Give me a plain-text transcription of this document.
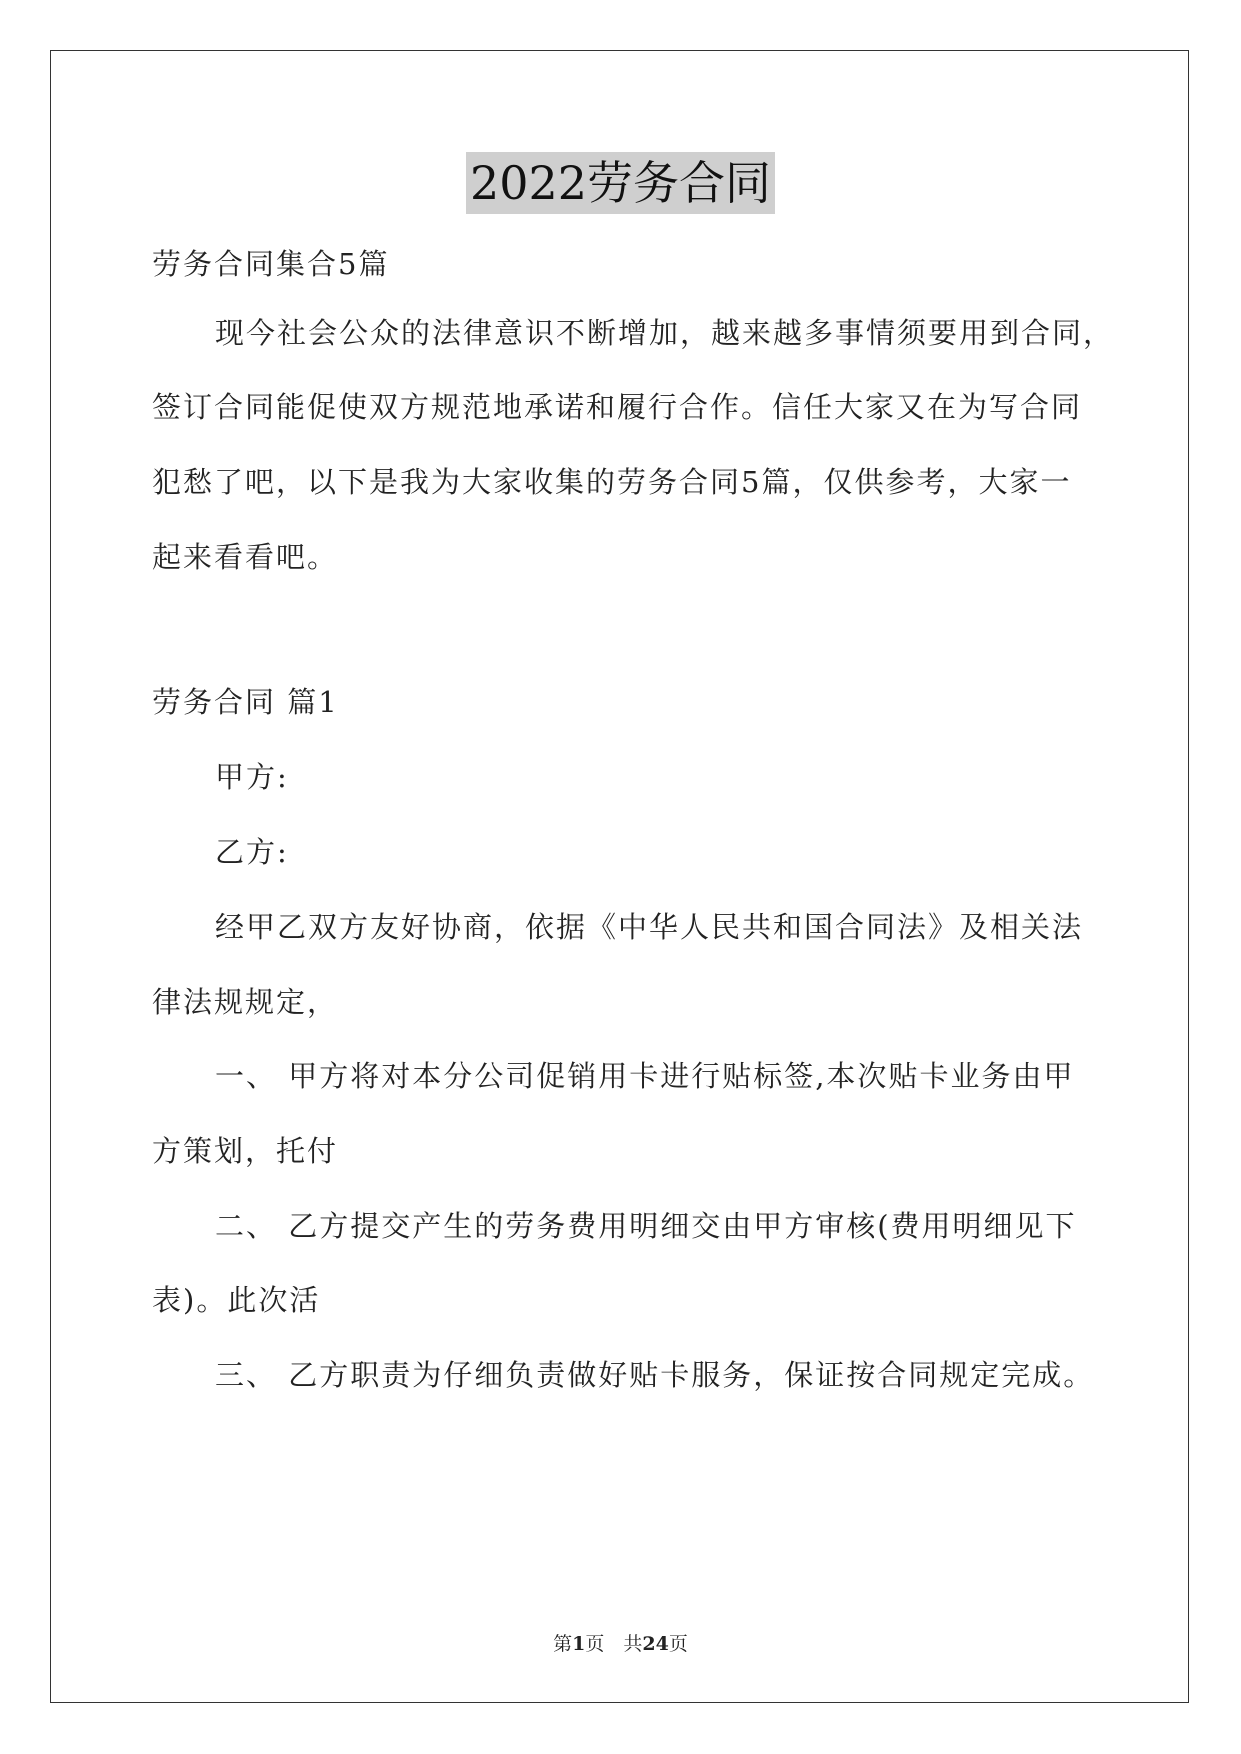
2022劳务合同
劳务合同集合5篇
现今社会公众的法律意识不断增加，越来越多事情须要用到合同，
签订合同能促使双方规范地承诺和履行合作。信任大家又在为写合同
犯愁了吧，以下是我为大家收集的劳务合同5篇，仅供参考，大家一
起来看看吧。
劳务合同 篇1
甲方:
乙方:
经甲乙双方友好协商，依据《中华人民共和国合同法》及相关法
律法规规定，
一、 甲方将对本分公司促销用卡进行贴标签,本次贴卡业务由甲
方策划，托付
二、 乙方提交产生的劳务费用明细交由甲方审核(费用明细见下
表)。此次活
三、 乙方职责为仔细负责做好贴卡服务，保证按合同规定完成。
第1页　共24页
